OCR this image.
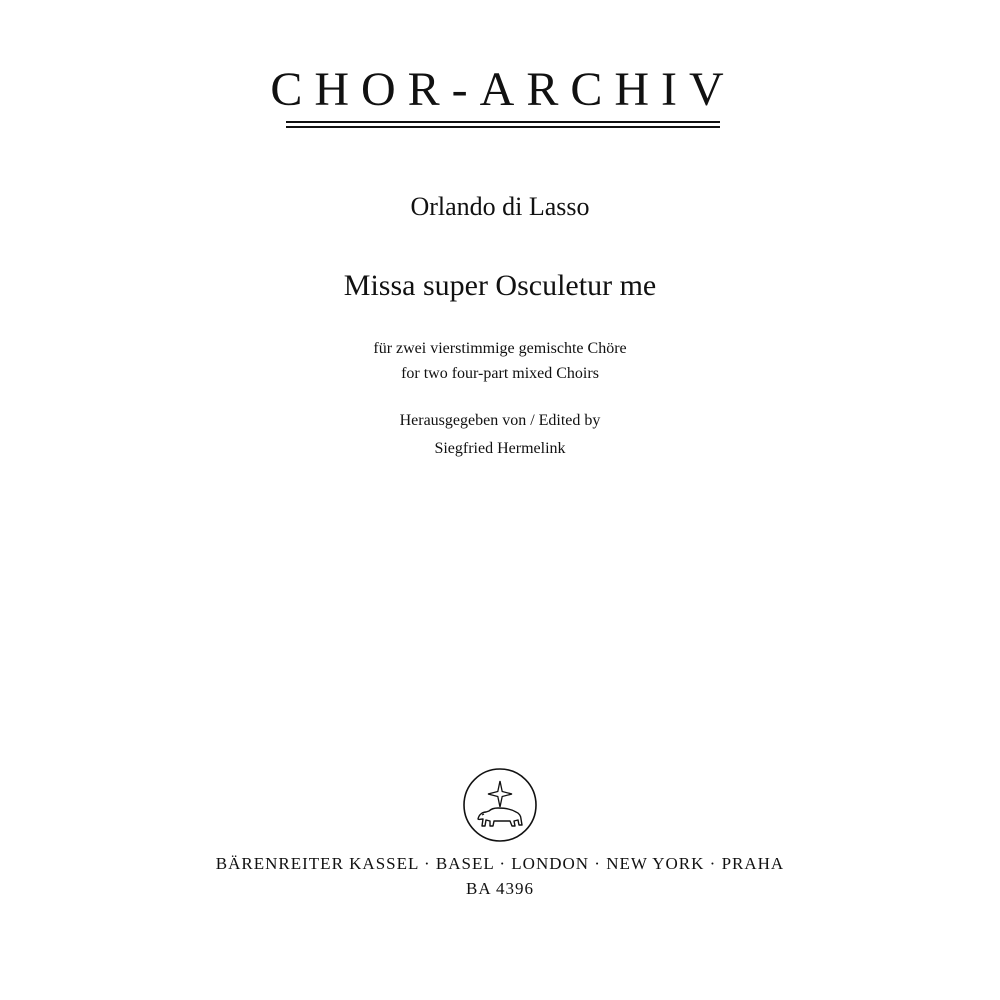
CHOR-ARCHIV
Orlando di Lasso
Missa super Osculetur me
für zwei vierstimmige gemischte Chöre
for two four-part mixed Choirs
Herausgegeben von / Edited by
Siegfried Hermelink
BÄRENREITER KASSEL · BASEL · LONDON · NEW YORK · PRAHA
BA 4396
